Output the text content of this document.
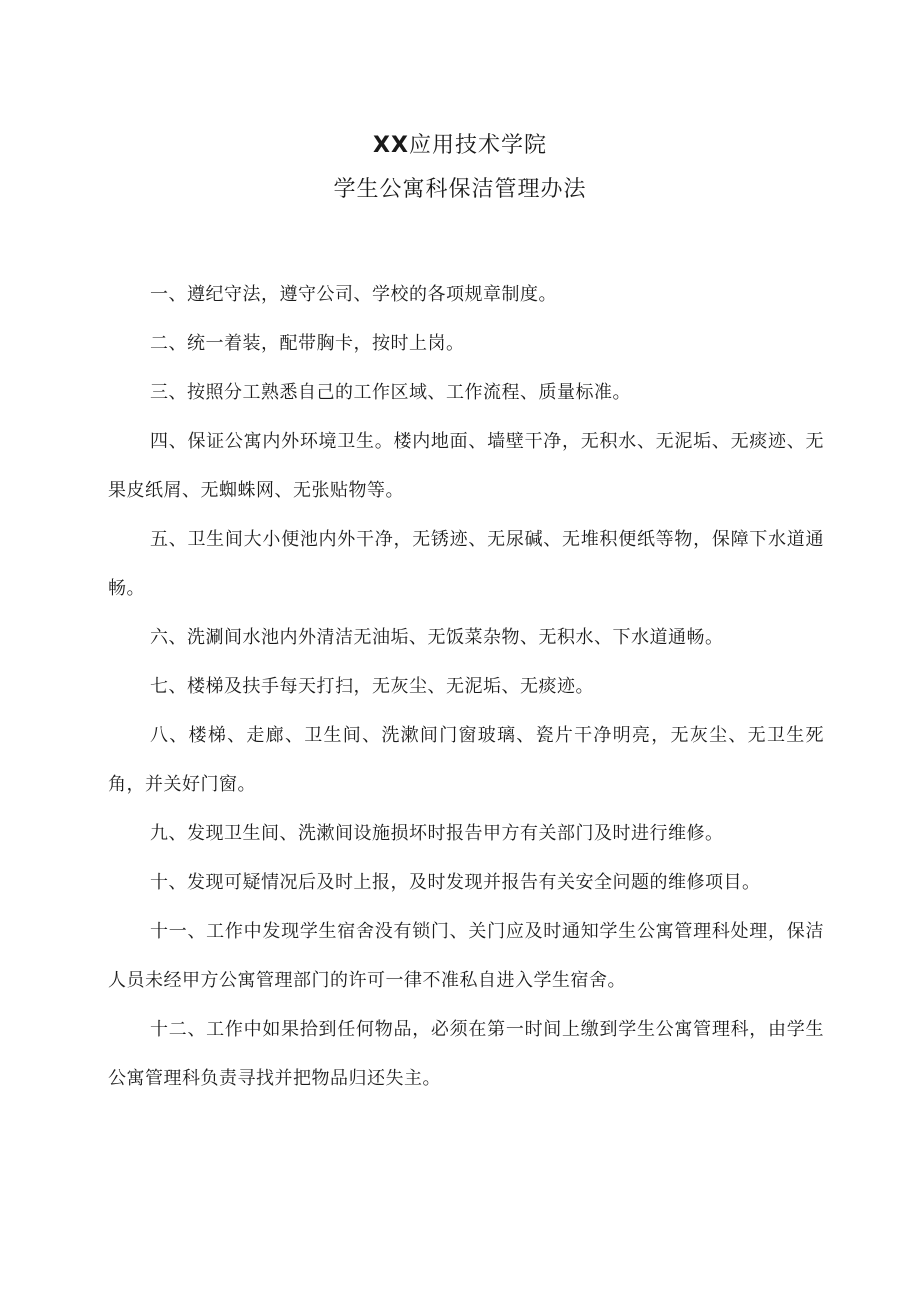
XX应用技术学院
学生公寓科保洁管理办法

一、遵纪守法，遵守公司、学校的各项规章制度。

二、统一着装，配带胸卡，按时上岗。

三、按照分工熟悉自己的工作区域、工作流程、质量标准。

四、保证公寓内外环境卫生。楼内地面、墙壁干净，无积水、无泥垢、无痰迹、无果皮纸屑、无蜘蛛网、无张贴物等。

五、卫生间大小便池内外干净，无锈迹、无尿碱、无堆积便纸等物，保障下水道通畅。

六、洗涮间水池内外清洁无油垢、无饭菜杂物、无积水、下水道通畅。

七、楼梯及扶手每天打扫，无灰尘、无泥垢、无痰迹。

八、楼梯、走廊、卫生间、洗漱间门窗玻璃、瓷片干净明亮，无灰尘、无卫生死角，并关好门窗。

九、发现卫生间、洗漱间设施损坏时报告甲方有关部门及时进行维修。

十、发现可疑情况后及时上报，及时发现并报告有关安全问题的维修项目。

十一、工作中发现学生宿舍没有锁门、关门应及时通知学生公寓管理科处理，保洁人员未经甲方公寓管理部门的许可一律不准私自进入学生宿舍。

十二、工作中如果拾到任何物品，必须在第一时间上缴到学生公寓管理科，由学生公寓管理科负责寻找并把物品归还失主。
